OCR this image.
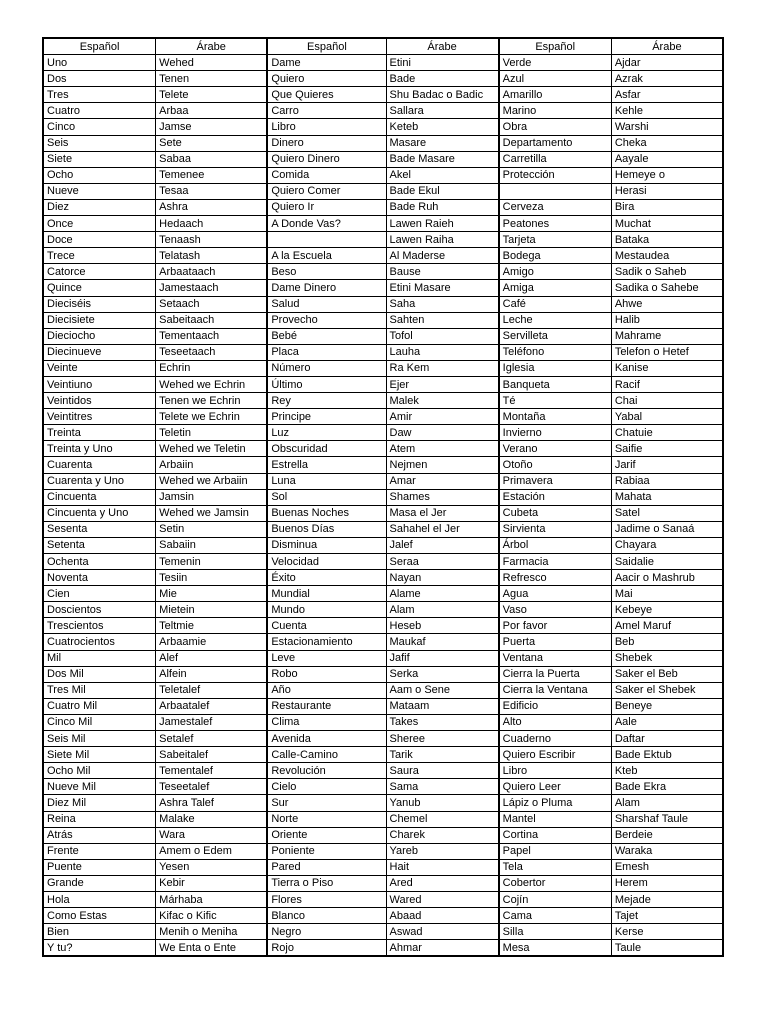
Español	Árabe	Español	Árabe	Español	Árabe
Uno	Wehed	Dame	Etini	Verde	Ajdar
Dos	Tenen	Quiero	Bade	Azul	Azrak
Tres	Telete	Que Quieres	Shu Badac o Badic	Amarillo	Asfar
Cuatro	Arbaa	Carro	Sallara	Marino	Kehle
Cinco	Jamse	Libro	Keteb	Obra	Warshi
Seis	Sete	Dinero	Masare	Departamento	Cheka
Siete	Sabaa	Quiero Dinero	Bade Masare	Carretilla	Aayale
Ocho	Temenee	Comida	Akel	Protección	Hemeye o
Nueve	Tesaa	Quiero Comer	Bade Ekul		Herasi
Diez	Ashra	Quiero Ir	Bade Ruh	Cerveza	Bira
Once	Hedaach	A Donde Vas?	Lawen Raieh	Peatones	Muchat
Doce	Tenaash		Lawen Raiha	Tarjeta	Bataka
Trece	Telatash	A la Escuela	Al Maderse	Bodega	Mestaudea
Catorce	Arbaataach	Beso	Bause	Amigo	Sadik o Saheb
Quince	Jamestaach	Dame Dinero	Etini Masare	Amiga	Sadika o Sahebe
Dieciséis	Setaach	Salud	Saha	Café	Ahwe
Diecisiete	Sabeitaach	Provecho	Sahten	Leche	Halib
Dieciocho	Tementaach	Bebé	Tofol	Servilleta	Mahrame
Diecinueve	Teseetaach	Placa	Lauha	Teléfono	Telefon o Hetef
Veinte	Echrin	Número	Ra Kem	Iglesia	Kanise
Veintiuno	Wehed we Echrin	Último	Ejer	Banqueta	Racif
Veintidos	Tenen we Echrin	Rey	Malek	Té	Chai
Veintitres	Telete we Echrin	Principe	Amir	Montaña	Yabal
Treinta	Teletin	Luz	Daw	Invierno	Chatuie
Treinta y Uno	Wehed we Teletin	Obscuridad	Atem	Verano	Saifie
Cuarenta	Arbaiin	Estrella	Nejmen	Otoño	Jarif
Cuarenta y Uno	Wehed we Arbaiin	Luna	Amar	Primavera	Rabiaa
Cincuenta	Jamsin	Sol	Shames	Estación	Mahata
Cincuenta y Uno	Wehed we Jamsin	Buenas Noches	Masa el Jer	Cubeta	Satel
Sesenta	Setin	Buenos Días	Sahahel el Jer	Sirvienta	Jadime o Sanaá
Setenta	Sabaiin	Disminua	Jalef	Árbol	Chayara
Ochenta	Temenin	Velocidad	Seraa	Farmacia	Saidalie
Noventa	Tesiin	Éxito	Nayan	Refresco	Aacir o Mashrub
Cien	Mie	Mundial	Alame	Agua	Mai
Doscientos	Mietein	Mundo	Alam	Vaso	Kebeye
Trescientos	Teltmie	Cuenta	Heseb	Por favor	Amel Maruf
Cuatrocientos	Arbaamie	Estacionamiento	Maukaf	Puerta	Beb
Mil	Alef	Leve	Jafif	Ventana	Shebek
Dos Mil	Alfein	Robo	Serka	Cierra la Puerta	Saker el Beb
Tres Mil	Teletalef	Año	Aam o Sene	Cierra la Ventana	Saker el Shebek
Cuatro Mil	Arbaatalef	Restaurante	Mataam	Edificio	Beneye
Cinco Mil	Jamestalef	Clima	Takes	Alto	Aale
Seis Mil	Setalef	Avenida	Sheree	Cuaderno	Daftar
Siete Mil	Sabeitalef	Calle-Camino	Tarik	Quiero Escribir	Bade Ektub
Ocho Mil	Tementalef	Revolución	Saura	Libro	Kteb
Nueve Mil	Teseetalef	Cielo	Sama	Quiero Leer	Bade Ekra
Diez Mil	Ashra Talef	Sur	Yanub	Lápiz o Pluma	Alam
Reina	Malake	Norte	Chemel	Mantel	Sharshaf Taule
Atrás	Wara	Oriente	Charek	Cortina	Berdeie
Frente	Amem o Edem	Poniente	Yareb	Papel	Waraka
Puente	Yesen	Pared	Hait	Tela	Emesh
Grande	Kebir	Tierra o Piso	Ared	Cobertor	Herem
Hola	Márhaba	Flores	Wared	Cojín	Mejade
Como Estas	Kifac o Kific	Blanco	Abaad	Cama	Tajet
Bien	Menih o Meniha	Negro	Aswad	Silla	Kerse
Y tu?	We Enta o Ente	Rojo	Ahmar	Mesa	Taule
